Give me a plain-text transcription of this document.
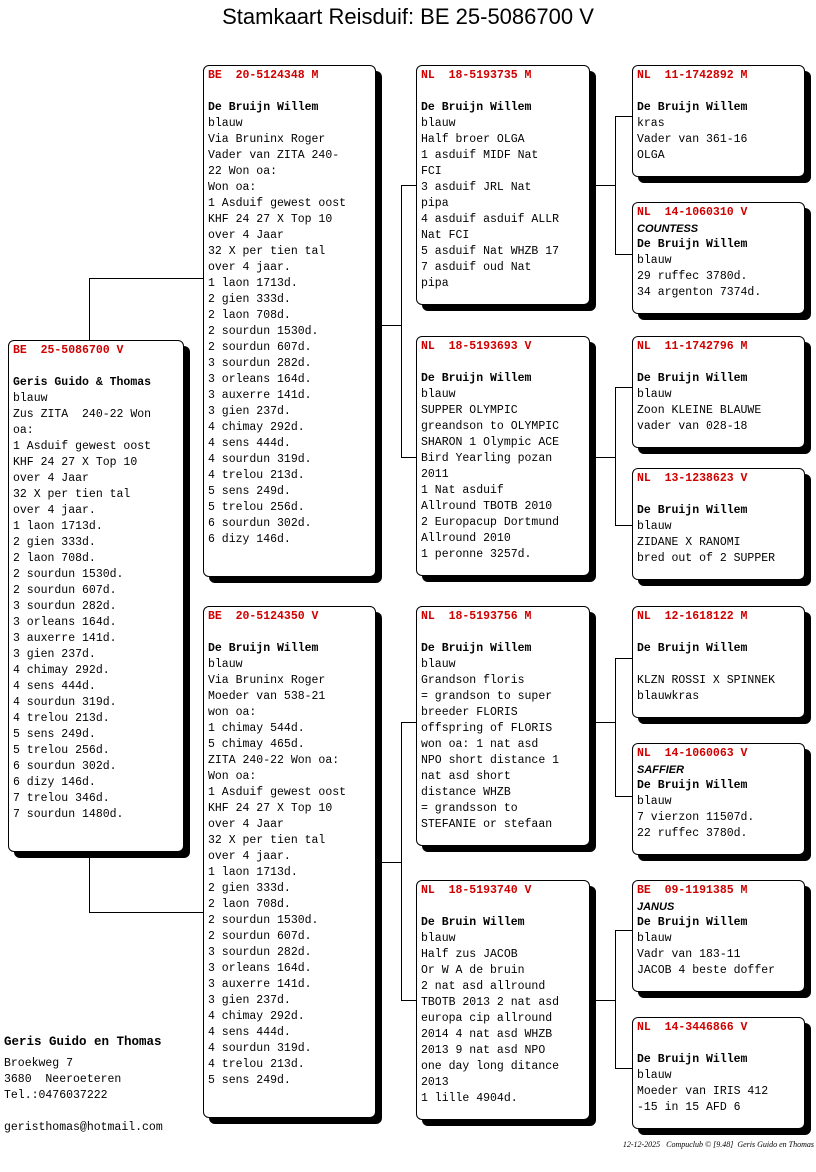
Stamkaart Reisduif: BE 25-5086700 V
BE  25-5086700 V
Geris Guido & Thomas
blauw
Zus ZITA  240-22 Won
oa:
1 Asduif gewest oost
KHF 24 27 X Top 10
over 4 Jaar
32 X per tien tal
over 4 jaar.
1 laon 1713d.
2 gien 333d.
2 laon 708d.
2 sourdun 1530d.
2 sourdun 607d.
3 sourdun 282d.
3 orleans 164d.
3 auxerre 141d.
3 gien 237d.
4 chimay 292d.
4 sens 444d.
4 sourdun 319d.
4 trelou 213d.
5 sens 249d.
5 trelou 256d.
6 sourdun 302d.
6 dizy 146d.
7 trelou 346d.
7 sourdun 1480d.
BE  20-5124348 M
De Bruijn Willem
blauw
Via Bruninx Roger
Vader van ZITA 240-
22 Won oa:
Won oa:
1 Asduif gewest oost
KHF 24 27 X Top 10
over 4 Jaar
32 X per tien tal
over 4 jaar.
1 laon 1713d.
2 gien 333d.
2 laon 708d.
2 sourdun 1530d.
2 sourdun 607d.
3 sourdun 282d.
3 orleans 164d.
3 auxerre 141d.
3 gien 237d.
4 chimay 292d.
4 sens 444d.
4 sourdun 319d.
4 trelou 213d.
5 sens 249d.
5 trelou 256d.
6 sourdun 302d.
6 dizy 146d.
BE  20-5124350 V
De Bruijn Willem
blauw
Via Bruninx Roger
Moeder van 538-21
won oa:
1 chimay 544d.
5 chimay 465d.
ZITA 240-22 Won oa:
Won oa:
1 Asduif gewest oost
KHF 24 27 X Top 10
over 4 Jaar
32 X per tien tal
over 4 jaar.
1 laon 1713d.
2 gien 333d.
2 laon 708d.
2 sourdun 1530d.
2 sourdun 607d.
3 sourdun 282d.
3 orleans 164d.
3 auxerre 141d.
3 gien 237d.
4 chimay 292d.
4 sens 444d.
4 sourdun 319d.
4 trelou 213d.
5 sens 249d.
NL  18-5193735 M
De Bruijn Willem
blauw
Half broer OLGA
1 asduif MIDF Nat
FCI
3 asduif JRL Nat
pipa
4 asduif asduif ALLR
Nat FCI
5 asduif Nat WHZB 17
7 asduif oud Nat
pipa
NL  18-5193693 V
De Bruijn Willem
blauw
SUPPER OLYMPIC
greandson to OLYMPIC
SHARON 1 Olympic ACE
Bird Yearling pozan
2011
1 Nat asduif
Allround TBOTB 2010
2 Europacup Dortmund
Allround 2010
1 peronne 3257d.
NL  18-5193756 M
De Bruijn Willem
blauw
Grandson floris
= grandson to super
breeder FLORIS
offspring of FLORIS
won oa: 1 nat asd
NPO short distance 1
nat asd short
distance WHZB
= grandsson to
STEFANIE or stefaan
NL  18-5193740 V
De Bruin Willem
blauw
Half zus JACOB
Or W A de bruin
2 nat asd allround
TBOTB 2013 2 nat asd
europa cip allround
2014 4 nat asd WHZB
2013 9 nat asd NPO
one day long ditance
2013
1 lille 4904d.
NL  11-1742892 M
De Bruijn Willem
kras
Vader van 361-16
OLGA
NL  14-1060310 V
COUNTESS
De Bruijn Willem
blauw
29 ruffec 3780d.
34 argenton 7374d.
NL  11-1742796 M
De Bruijn Willem
blauw
Zoon KLEINE BLAUWE
vader van 028-18
NL  13-1238623 V
De Bruijn Willem
blauw
ZIDANE X RANOMI
bred out of 2 SUPPER
NL  12-1618122 M
De Bruijn Willem
KLZN ROSSI X SPINNEK
blauwkras
NL  14-1060063 V
SAFFIER
De Bruijn Willem
blauw
7 vierzon 11507d.
22 ruffec 3780d.
BE  09-1191385 M
JANUS
De Bruijn Willem
blauw
Vadr van 183-11
JACOB 4 beste doffer
NL  14-3446866 V
De Bruijn Willem
blauw
Moeder van IRIS 412
-15 in 15 AFD 6
Geris Guido en Thomas
Broekweg 7
3680  Neeroeteren
Tel.:0476037222
geristhomas@hotmail.com
12-12-2025   Compuclub © [9.48]  Geris Guido en Thomas
